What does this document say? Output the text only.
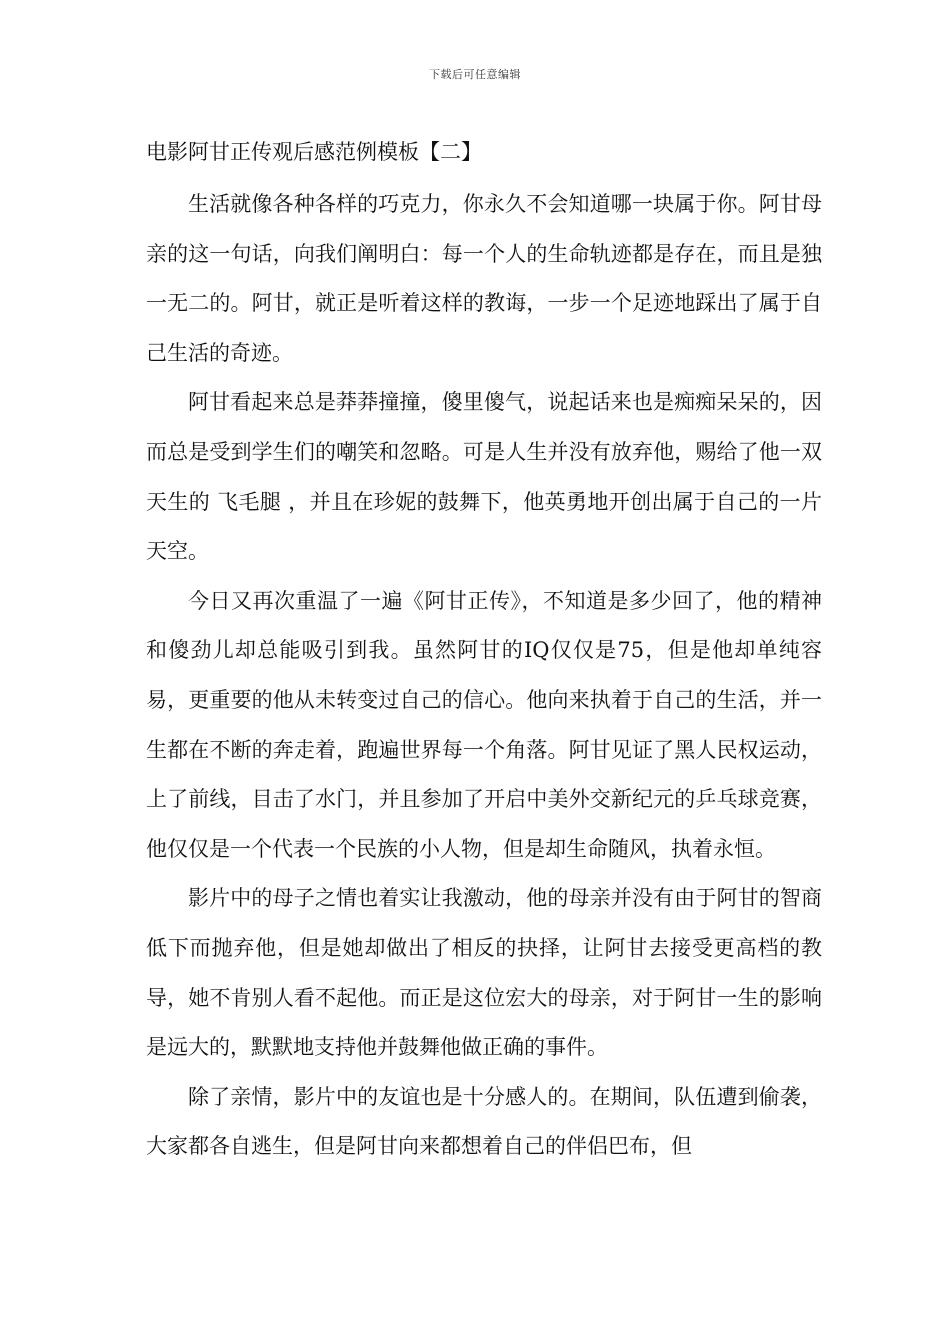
下载后可任意编辑
电影阿甘正传观后感范例模板【二】

生活就像各种各样的巧克力，你永久不会知道哪一块属于你。阿甘母亲的这一句话，向我们阐明白：每一个人的生命轨迹都是存在，而且是独一无二的。阿甘，就正是听着这样的教诲，一步一个足迹地踩出了属于自己生活的奇迹。

阿甘看起来总是莽莽撞撞，傻里傻气，说起话来也是痴痴呆呆的，因而总是受到学生们的嘲笑和忽略。可是人生并没有放弃他，赐给了他一双天生的 飞毛腿 ，并且在珍妮的鼓舞下，他英勇地开创出属于自己的一片天空。

今日又再次重温了一遍《阿甘正传》，不知道是多少回了，他的精神和傻劲儿却总能吸引到我。虽然阿甘的IQ仅仅是75，但是他却单纯容易，更重要的他从未转变过自己的信心。他向来执着于自己的生活，并一生都在不断的奔走着，跑遍世界每一个角落。阿甘见证了黑人民权运动，上了前线，目击了水门，并且参加了开启中美外交新纪元的乒乓球竞赛，他仅仅是一个代表一个民族的小人物，但是却生命随风，执着永恒。

影片中的母子之情也着实让我激动，他的母亲并没有由于阿甘的智商低下而抛弃他，但是她却做出了相反的抉择，让阿甘去接受更高档的教导，她不肯别人看不起他。而正是这位宏大的母亲，对于阿甘一生的影响是远大的，默默地支持他并鼓舞他做正确的事件。

除了亲情，影片中的友谊也是十分感人的。在期间，队伍遭到偷袭，大家都各自逃生，但是阿甘向来都想着自己的伴侣巴布，但
